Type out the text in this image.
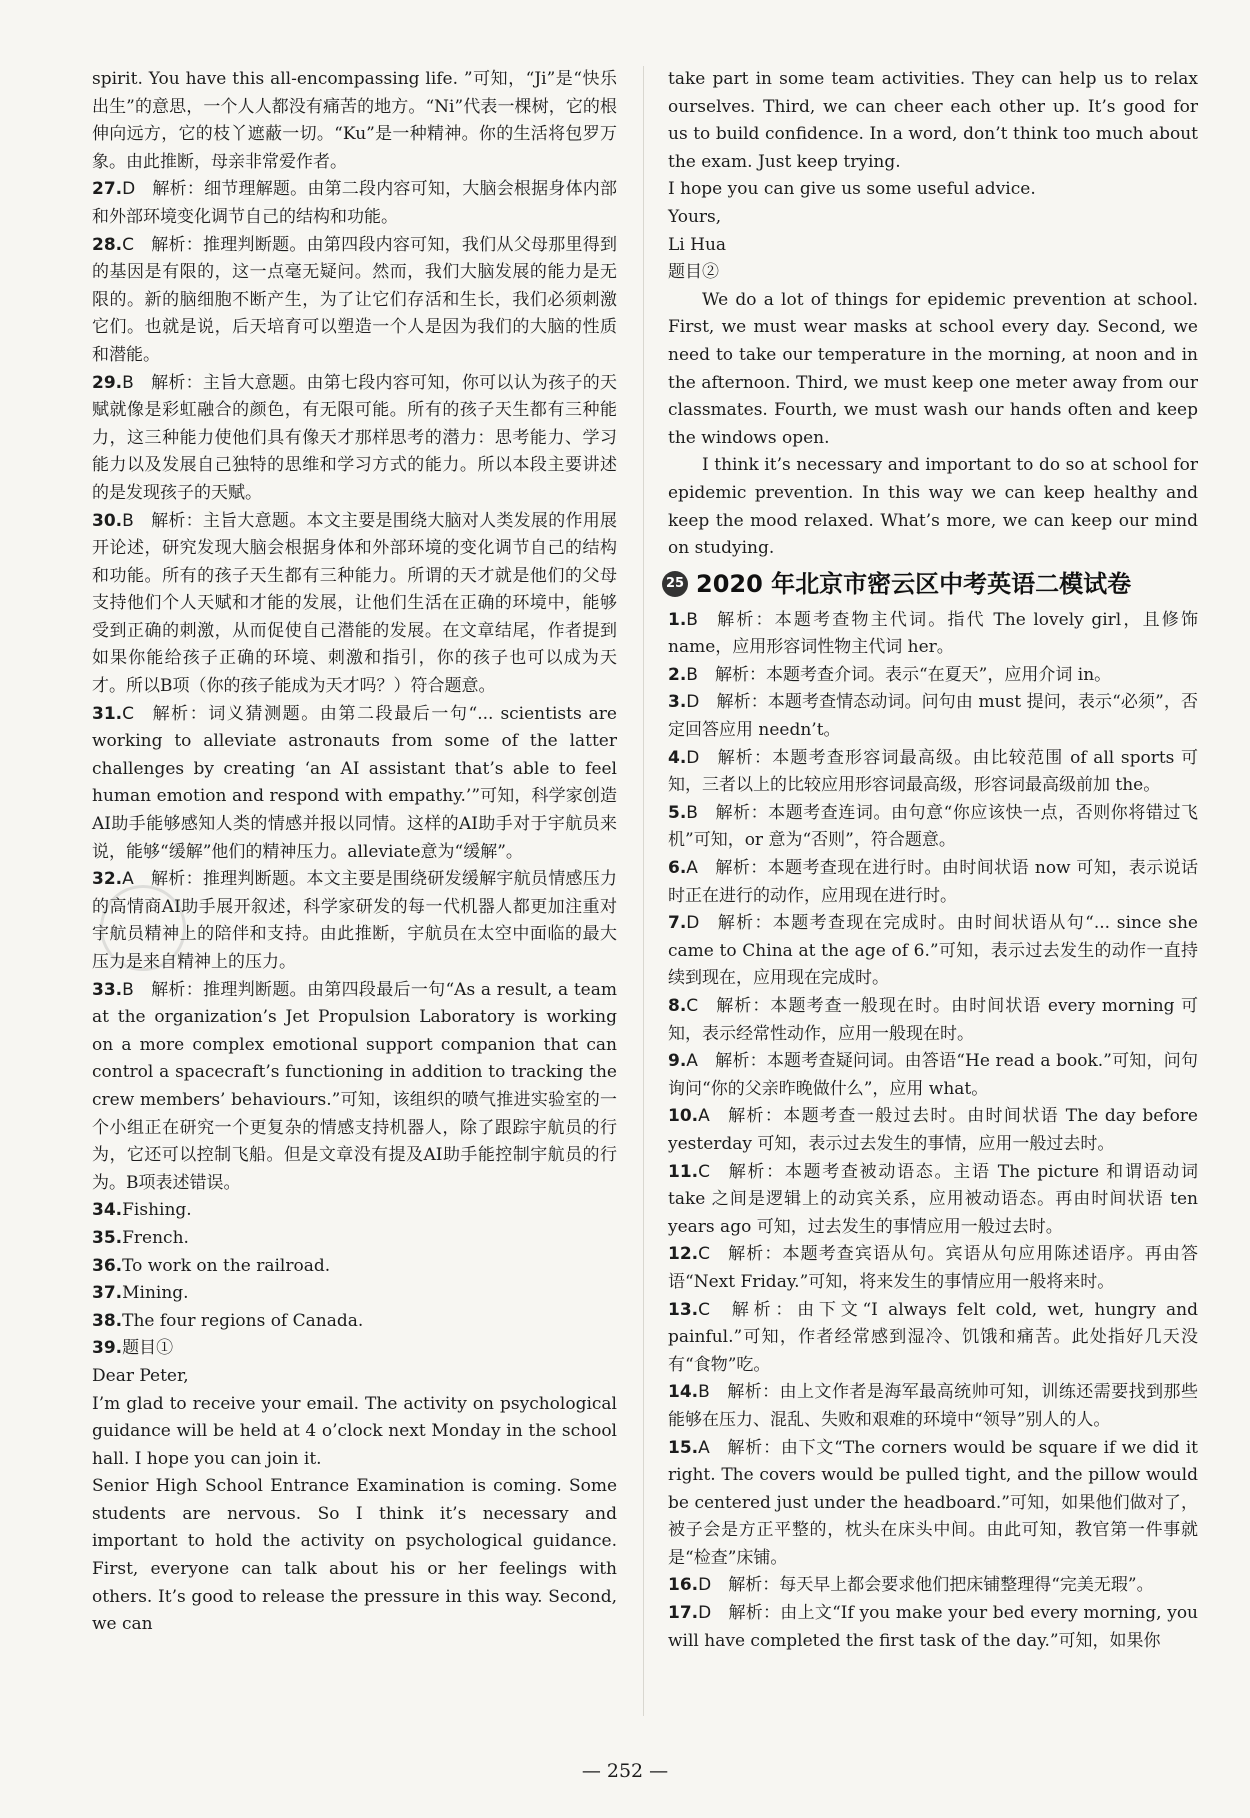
spirit. You have this all-encompassing life. ”可知，“Ji”是“快乐出生”的意思，一个人人都没有痛苦的地方。“Ni”代表一棵树，它的根伸向远方，它的枝丫遮蔽一切。“Ku”是一种精神。你的生活将包罗万象。由此推断，母亲非常爱作者。

27.D  解析：细节理解题。由第二段内容可知，大脑会根据身体内部和外部环境变化调节自己的结构和功能。

28.C  解析：推理判断题。由第四段内容可知，我们从父母那里得到的基因是有限的，这一点毫无疑问。然而，我们大脑发展的能力是无限的。新的脑细胞不断产生，为了让它们存活和生长，我们必须刺激它们。也就是说，后天培育可以塑造一个人是因为我们的大脑的性质和潜能。

29.B  解析：主旨大意题。由第七段内容可知，你可以认为孩子的天赋就像是彩虹融合的颜色，有无限可能。所有的孩子天生都有三种能力，这三种能力使他们具有像天才那样思考的潜力：思考能力、学习能力以及发展自己独特的思维和学习方式的能力。所以本段主要讲述的是发现孩子的天赋。

30.B  解析：主旨大意题。本文主要是围绕大脑对人类发展的作用展开论述，研究发现大脑会根据身体和外部环境的变化调节自己的结构和功能。所有的孩子天生都有三种能力。所谓的天才就是他们的父母支持他们个人天赋和才能的发展，让他们生活在正确的环境中，能够受到正确的刺激，从而促使自己潜能的发展。在文章结尾，作者提到如果你能给孩子正确的环境、刺激和指引，你的孩子也可以成为天才。所以B项（你的孩子能成为天才吗？）符合题意。

31.C  解析：词义猜测题。由第二段最后一句“... scientists are working to alleviate astronauts from some of the latter challenges by creating ‘an AI assistant that’s able to feel human emotion and respond with empathy.’”可知，科学家创造AI助手能够感知人类的情感并报以同情。这样的AI助手对于宇航员来说，能够“缓解”他们的精神压力。alleviate意为“缓解”。

32.A  解析：推理判断题。本文主要是围绕研发缓解宇航员情感压力的高情商AI助手展开叙述，科学家研发的每一代机器人都更加注重对宇航员精神上的陪伴和支持。由此推断，宇航员在太空中面临的最大压力是来自精神上的压力。

33.B  解析：推理判断题。由第四段最后一句“As a result, a team at the organization’s Jet Propulsion Laboratory is working on a more complex emotional support companion that can control a spacecraft’s functioning in addition to tracking the crew members’ behaviours.”可知，该组织的喷气推进实验室的一个小组正在研究一个更复杂的情感支持机器人，除了跟踪宇航员的行为，它还可以控制飞船。但是文章没有提及AI助手能控制宇航员的行为。B项表述错误。

34.Fishing.

35.French.

36.To work on the railroad.

37.Mining.

38.The four regions of Canada.

39.题目①

Dear Peter,

I’m glad to receive your email. The activity on psychological guidance will be held at 4 o’clock next Monday in the school hall. I hope you can join it.

Senior High School Entrance Examination is coming. Some students are nervous. So I think it’s necessary and important to hold the activity on psychological guidance. First, everyone can talk about his or her feelings with others. It’s good to release the pressure in this way. Second, we can

take part in some team activities. They can help us to relax ourselves. Third, we can cheer each other up. It’s good for us to build confidence. In a word, don’t think too much about the exam. Just keep trying.

I hope you can give us some useful advice.

Yours,

Li Hua

题目②

We do a lot of things for epidemic prevention at school. First, we must wear masks at school every day. Second, we need to take our temperature in the morning, at noon and in the afternoon. Third, we must keep one meter away from our classmates. Fourth, we must wash our hands often and keep the windows open.

I think it’s necessary and important to do so at school for epidemic prevention. In this way we can keep healthy and keep the mood relaxed. What’s more, we can keep our mind on studying.

25 2020 年北京市密云区中考英语二模试卷

1.B  解析：本题考查物主代词。指代 The lovely girl，且修饰name，应用形容词性物主代词 her。

2.B  解析：本题考查介词。表示“在夏天”，应用介词 in。

3.D  解析：本题考查情态动词。问句由 must 提问，表示“必须”，否定回答应用 needn’t。

4.D  解析：本题考查形容词最高级。由比较范围 of all sports 可知，三者以上的比较应用形容词最高级，形容词最高级前加 the。

5.B  解析：本题考查连词。由句意“你应该快一点，否则你将错过飞机”可知，or 意为“否则”，符合题意。

6.A  解析：本题考查现在进行时。由时间状语 now 可知，表示说话时正在进行的动作，应用现在进行时。

7.D  解析：本题考查现在完成时。由时间状语从句“... since she came to China at the age of 6.”可知，表示过去发生的动作一直持续到现在，应用现在完成时。

8.C  解析：本题考查一般现在时。由时间状语 every morning 可知，表示经常性动作，应用一般现在时。

9.A  解析：本题考查疑问词。由答语“He read a book.”可知，问句询问“你的父亲昨晚做什么”，应用 what。

10.A  解析：本题考查一般过去时。由时间状语 The day before yesterday 可知，表示过去发生的事情，应用一般过去时。

11.C  解析：本题考查被动语态。主语 The picture 和谓语动词 take 之间是逻辑上的动宾关系，应用被动语态。再由时间状语 ten years ago 可知，过去发生的事情应用一般过去时。

12.C  解析：本题考查宾语从句。宾语从句应用陈述语序。再由答语“Next Friday.”可知，将来发生的事情应用一般将来时。

13.C  解析：由下文“I always felt cold, wet, hungry and painful.”可知，作者经常感到湿冷、饥饿和痛苦。此处指好几天没有“食物”吃。

14.B  解析：由上文作者是海军最高统帅可知，训练还需要找到那些能够在压力、混乱、失败和艰难的环境中“领导”别人的人。

15.A  解析：由下文“The corners would be square if we did it right. The covers would be pulled tight, and the pillow would be centered just under the headboard.”可知，如果他们做对了，被子会是方正平整的，枕头在床头中间。由此可知，教官第一件事就是“检查”床铺。

16.D  解析：每天早上都会要求他们把床铺整理得“完美无瑕”。

17.D  解析：由上文“If you make your bed every morning, you will have completed the first task of the day.”可知，如果你

— 252 —
